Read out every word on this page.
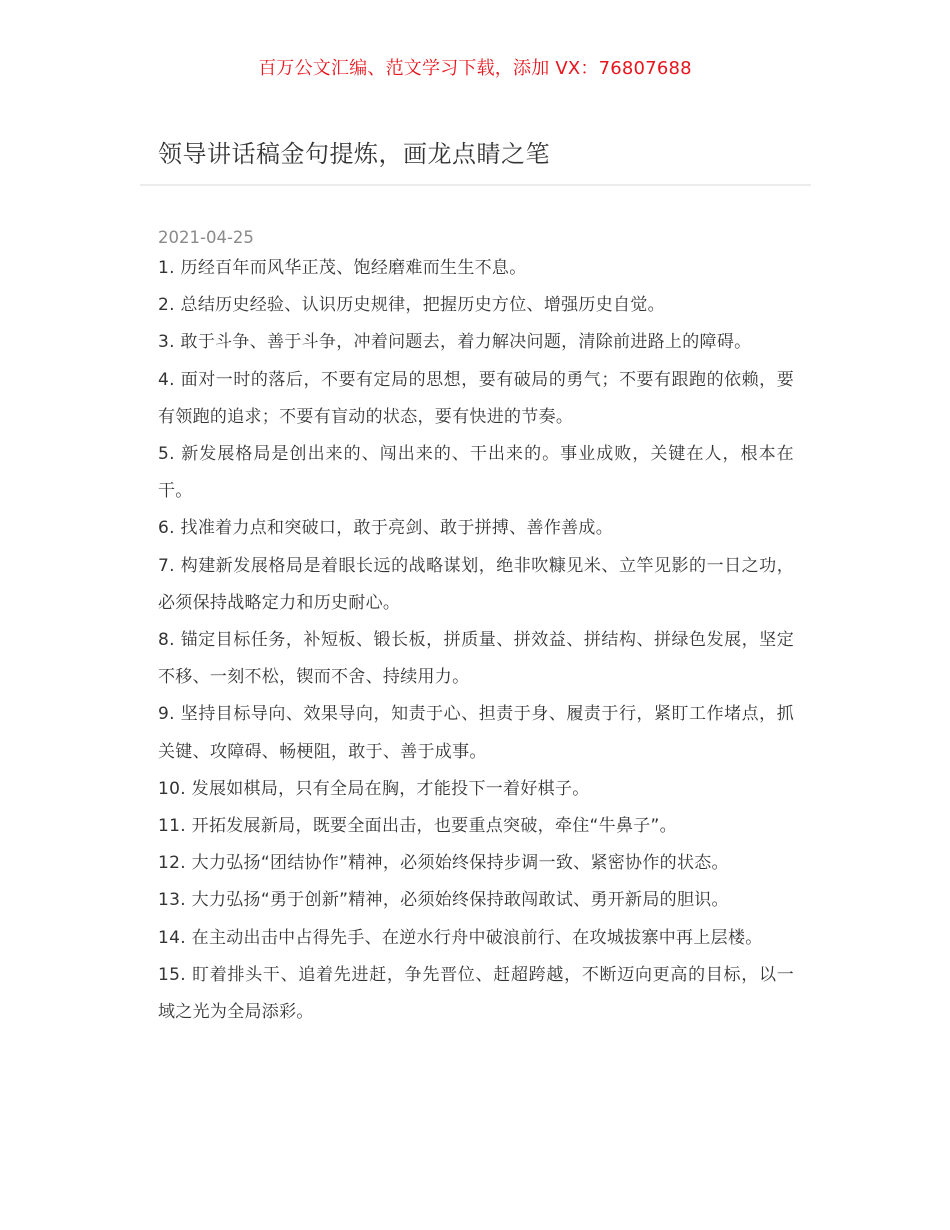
百万公文汇编、范文学习下载，添加 VX：76807688
领导讲话稿金句提炼，画龙点睛之笔
2021-04-25

1. 历经百年而风华正茂、饱经磨难而生生不息。

2. 总结历史经验、认识历史规律，把握历史方位、增强历史自觉。

3. 敢于斗争、善于斗争，冲着问题去，着力解决问题，清除前进路上的障碍。

4. 面对一时的落后，不要有定局的思想，要有破局的勇气；不要有跟跑的依赖，要有领跑的追求；不要有盲动的状态，要有快进的节奏。

5. 新发展格局是创出来的、闯出来的、干出来的。事业成败，关键在人，根本在干。

6. 找准着力点和突破口，敢于亮剑、敢于拼搏、善作善成。

7. 构建新发展格局是着眼长远的战略谋划，绝非吹糠见米、立竿见影的一日之功，必须保持战略定力和历史耐心。

8. 锚定目标任务，补短板、锻长板，拼质量、拼效益、拼结构、拼绿色发展，坚定不移、一刻不松，锲而不舍、持续用力。

9. 坚持目标导向、效果导向，知责于心、担责于身、履责于行，紧盯工作堵点，抓关键、攻障碍、畅梗阻，敢于、善于成事。

10. 发展如棋局，只有全局在胸，才能投下一着好棋子。

11. 开拓发展新局，既要全面出击，也要重点突破，牵住“牛鼻子”。

12. 大力弘扬“团结协作”精神，必须始终保持步调一致、紧密协作的状态。

13. 大力弘扬“勇于创新”精神，必须始终保持敢闯敢试、勇开新局的胆识。

14. 在主动出击中占得先手、在逆水行舟中破浪前行、在攻城拔寨中再上层楼。

15. 盯着排头干、追着先进赶，争先晋位、赶超跨越，不断迈向更高的目标，以一域之光为全局添彩。
